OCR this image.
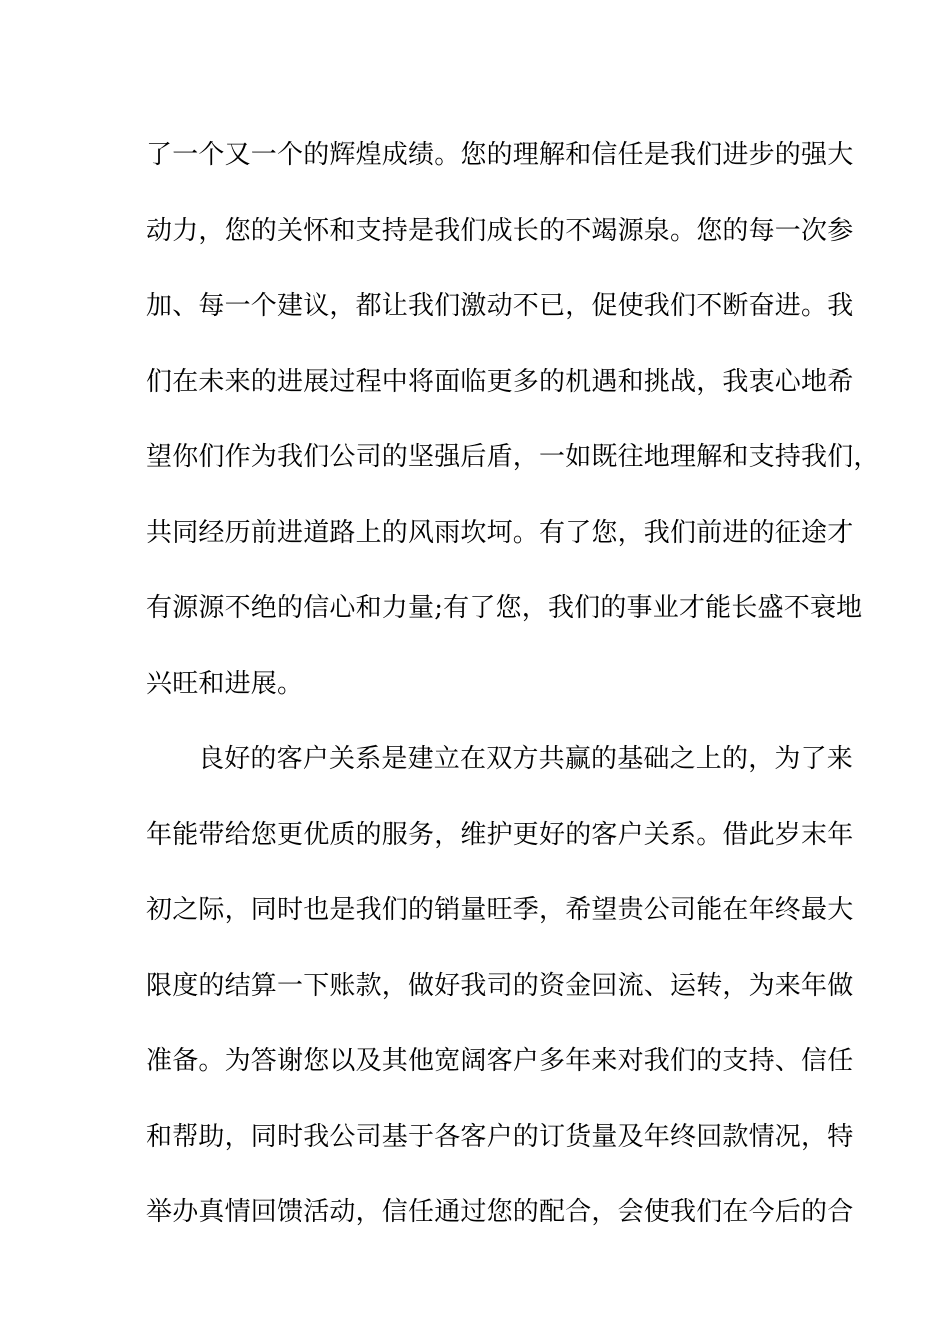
了一个又一个的辉煌成绩。您的理解和信任是我们进步的强大
动力，您的关怀和支持是我们成长的不竭源泉。您的每一次参
加、每一个建议，都让我们激动不已，促使我们不断奋进。我
们在未来的进展过程中将面临更多的机遇和挑战，我衷心地希
望你们作为我们公司的坚强后盾，一如既往地理解和支持我们，
共同经历前进道路上的风雨坎坷。有了您，我们前进的征途才
有源源不绝的信心和力量;有了您，我们的事业才能长盛不衰地
兴旺和进展。
良好的客户关系是建立在双方共赢的基础之上的，为了来
年能带给您更优质的服务，维护更好的客户关系。借此岁末年
初之际，同时也是我们的销量旺季，希望贵公司能在年终最大
限度的结算一下账款，做好我司的资金回流、运转，为来年做
准备。为答谢您以及其他宽阔客户多年来对我们的支持、信任
和帮助，同时我公司基于各客户的订货量及年终回款情况，特
举办真情回馈活动，信任通过您的配合，会使我们在今后的合
